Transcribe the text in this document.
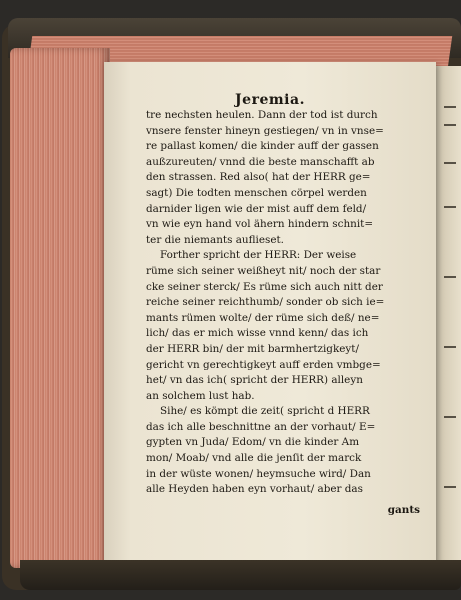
Jeremia.
tre nechsten heulen. Dann der tod ist durch
vnsere fenster hineyn gestiegen/ vn in vnse=
re pallast komen/ die kinder auff der gassen
außzureuten/ vnnd die beste manschafft ab
den strassen. Red also( hat der HERR ge=
sagt) Die todten menschen cörpel werden
darnider ligen wie der mist auff dem feld/
vn wie eyn hand vol ähern hindern schnit=
ter die niemants auflieset.
Forther spricht der HERR: Der weise
rüme sich seiner weißheyt nit/ noch der star
cke seiner sterck/ Es rüme sich auch nitt der
reiche seiner reichthumb/ sonder ob sich ie=
mants rümen wolte/ der rüme sich deß/ ne=
lich/ das er mich wisse vnnd kenn/ das ich
der HERR bin/ der mit barmhertzigkeyt/
gericht vn gerechtigkeyt auff erden vmbge=
het/ vn das ich( spricht der HERR) alleyn
an solchem lust hab.
Sihe/ es kömpt die zeit( spricht d HERR
das ich alle beschnittne an der vorhaut/ E=
gypten vn Juda/ Edom/ vn die kinder Am
mon/ Moab/ vnd alle die jenſit der marck
in der wüste wonen/ heymsuche wird/ Dan
alle Heyden haben eyn vorhaut/ aber das
gants
